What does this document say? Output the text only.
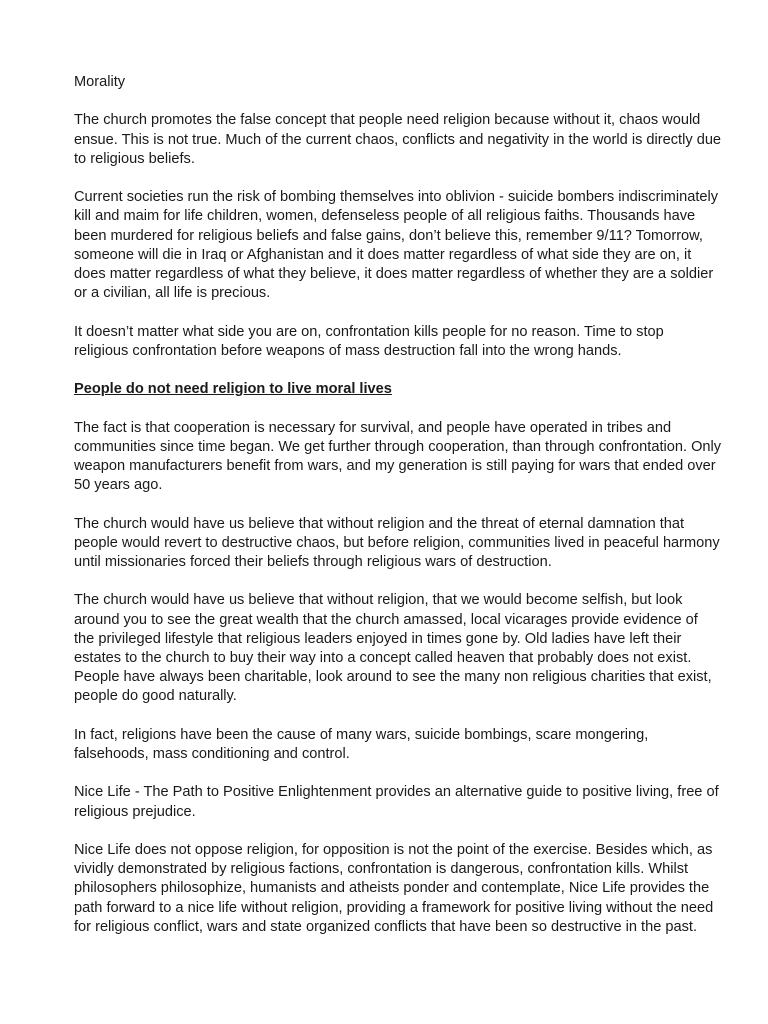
Morality

The church promotes the false concept that people need religion because without it, chaos would ensue. This is not true. Much of the current chaos, conflicts and negativity in the world is directly due to religious beliefs.

Current societies run the risk of bombing themselves into oblivion - suicide bombers indiscriminately kill and maim for life children, women, defenseless people of all religious faiths. Thousands have been murdered for religious beliefs and false gains, don’t believe this, remember 9/11? Tomorrow, someone will die in Iraq or Afghanistan and it does matter regardless of what side they are on, it does matter regardless of what they believe, it does matter regardless of whether they are a soldier or a civilian, all life is precious.

It doesn’t matter what side you are on, confrontation kills people for no reason. Time to stop religious confrontation before weapons of mass destruction fall into the wrong hands.

People do not need religion to live moral lives

The fact is that cooperation is necessary for survival, and people have operated in tribes and communities since time began. We get further through cooperation, than through confrontation. Only weapon manufacturers benefit from wars, and my generation is still paying for wars that ended over 50 years ago.

The church would have us believe that without religion and the threat of eternal damnation that people would revert to destructive chaos, but before religion, communities lived in peaceful harmony until missionaries forced their beliefs through religious wars of destruction.

The church would have us believe that without religion, that we would become selfish, but look around you to see the great wealth that the church amassed, local vicarages provide evidence of the privileged lifestyle that religious leaders enjoyed in times gone by. Old ladies have left their estates to the church to buy their way into a concept called heaven that probably does not exist. People have always been charitable, look around to see the many non religious charities that exist, people do good naturally.

In fact, religions have been the cause of many wars, suicide bombings, scare mongering, falsehoods, mass conditioning and control.

Nice Life - The Path to Positive Enlightenment provides an alternative guide to positive living, free of religious prejudice.

Nice Life does not oppose religion, for opposition is not the point of the exercise. Besides which, as vividly demonstrated by religious factions, confrontation is dangerous, confrontation kills. Whilst philosophers philosophize, humanists and atheists ponder and contemplate, Nice Life provides the path forward to a nice life without religion, providing a framework for positive living without the need for religious conflict, wars and state organized conflicts that have been so destructive in the past.
